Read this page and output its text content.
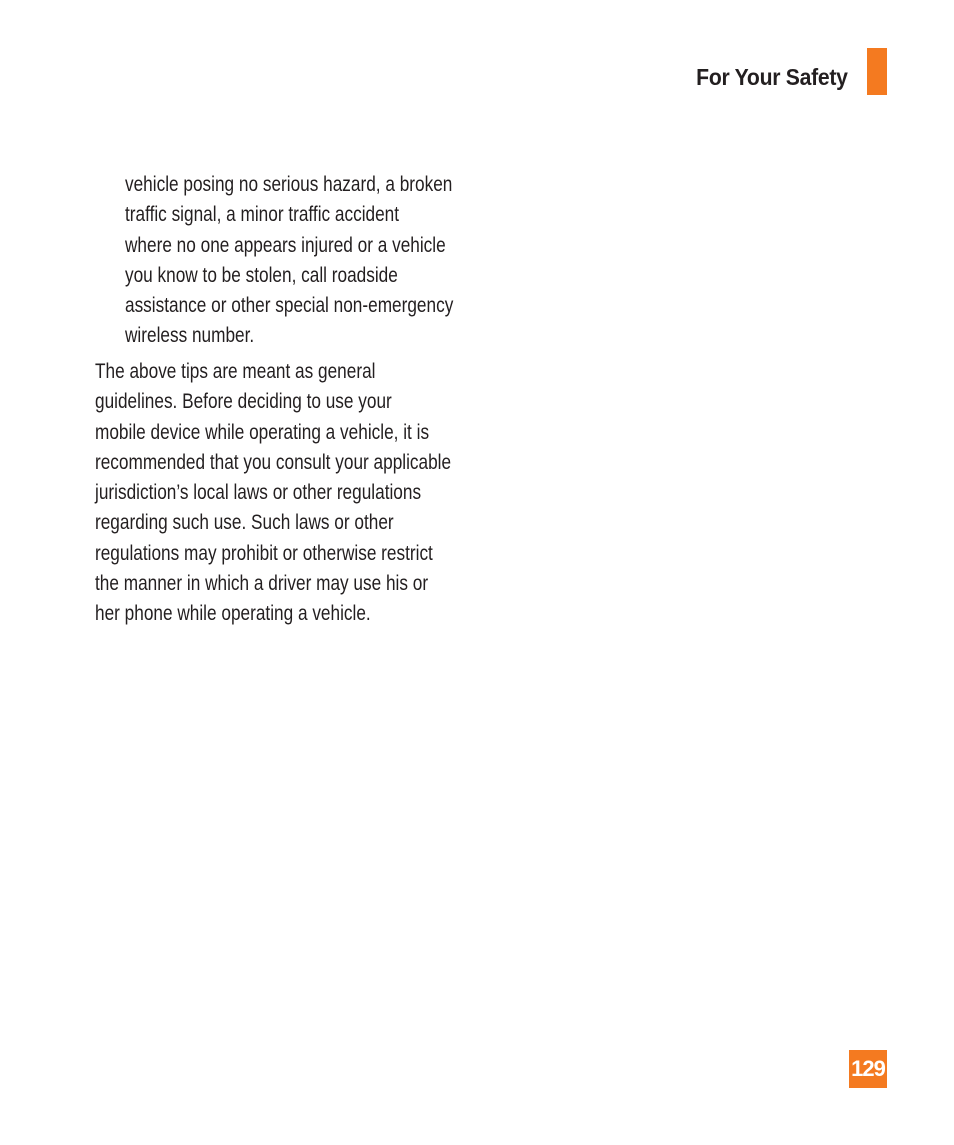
For Your Safety
vehicle posing no serious hazard, a broken
traffic signal, a minor traffic accident
where no one appears injured or a vehicle
you know to be stolen, call roadside
assistance or other special non-emergency
wireless number.
The above tips are meant as general
guidelines. Before deciding to use your
mobile device while operating a vehicle, it is
recommended that you consult your applicable
jurisdiction’s local laws or other regulations
regarding such use. Such laws or other
regulations may prohibit or otherwise restrict
the manner in which a driver may use his or
her phone while operating a vehicle.
129
